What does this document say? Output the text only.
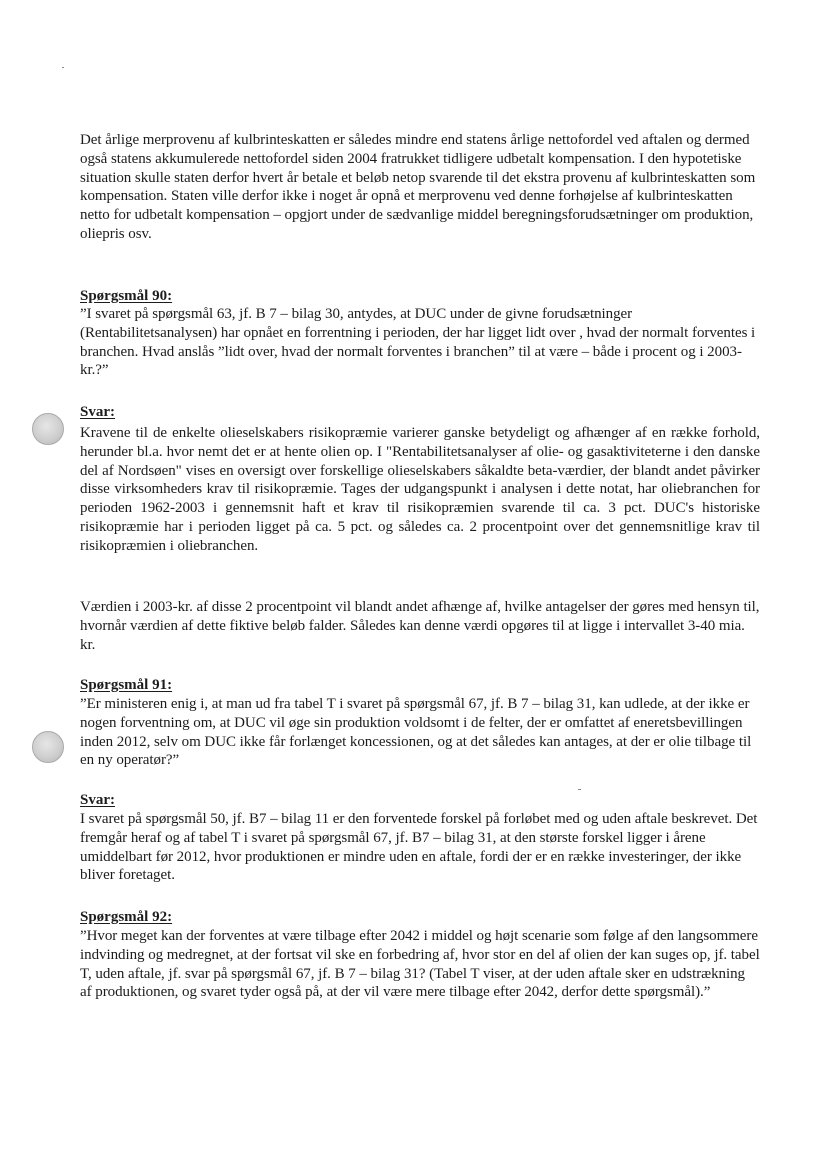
Det årlige merprovenu af kulbrinteskatten er således mindre end statens årlige nettofordel ved aftalen og dermed også statens akkumulerede nettofordel siden 2004 fratrukket tidligere udbetalt kompensation. I den hypotetiske situation skulle staten derfor hvert år betale et beløb netop svarende til det ekstra provenu af kulbrinteskatten som kompensation. Staten ville derfor ikke i noget år opnå et merprovenu ved denne forhøjelse af kulbrinteskatten netto for udbetalt kompensation – opgjort under de sædvanlige middel beregningsforudsætninger om produktion, oliepris osv.

Spørgsmål 90:

”I svaret på spørgsmål 63, jf. B 7 – bilag 30, antydes, at DUC under de givne forudsætninger (Rentabilitetsanalysen) har opnået en forrentning i perioden, der har ligget lidt over , hvad der normalt forventes i branchen. Hvad anslås ”lidt over, hvad der normalt forventes i branchen” til at være – både i procent og i 2003-kr.?”

Svar:

Kravene til de enkelte olieselskabers risikopræmie varierer ganske betydeligt og afhænger af en række forhold, herunder bl.a. hvor nemt det er at hente olien op. I "Rentabilitetsanalyser af olie- og gasaktiviteterne i den danske del af Nordsøen" vises en oversigt over forskellige olieselskabers såkaldte beta-værdier, der blandt andet påvirker disse virksomheders krav til risikopræmie. Tages der udgangspunkt i analysen i dette notat, har oliebranchen for perioden 1962-2003 i gennemsnit haft et krav til risikopræmien svarende til ca. 3 pct. DUC's historiske risikopræmie har i perioden ligget på ca. 5 pct. og således ca. 2 procentpoint over det gennemsnitlige krav til risikopræmien i oliebranchen.

Værdien i 2003-kr. af disse 2 procentpoint vil blandt andet afhænge af, hvilke antagelser der gøres med hensyn til, hvornår værdien af dette fiktive beløb falder. Således kan denne værdi opgøres til at ligge i intervallet 3-40 mia. kr.

Spørgsmål 91:

”Er ministeren enig i, at man ud fra tabel T i svaret på spørgsmål 67, jf. B 7 – bilag 31, kan udlede, at der ikke er nogen forventning om, at DUC vil øge sin produktion voldsomt i de felter, der er omfattet af eneretsbevillingen inden 2012, selv om DUC ikke får forlænget koncessionen, og at det således kan antages, at der er olie tilbage til en ny operatør?”

Svar:

I svaret på spørgsmål 50, jf. B7 – bilag 11 er den forventede forskel på forløbet med og uden aftale beskrevet. Det fremgår heraf og af tabel T i svaret på spørgsmål 67, jf. B7 – bilag 31, at den største forskel ligger i årene umiddelbart før 2012, hvor produktionen er mindre uden en aftale, fordi der er en række investeringer, der ikke bliver foretaget.

Spørgsmål 92:

”Hvor meget kan der forventes at være tilbage efter 2042 i middel og højt scenarie som følge af den langsommere indvinding og medregnet, at der fortsat vil ske en forbedring af, hvor stor en del af olien der kan suges op, jf. tabel T, uden aftale, jf. svar på spørgsmål 67, jf. B 7 – bilag 31? (Tabel T viser, at der uden aftale sker en udstrækning af produktionen, og svaret tyder også på, at der vil være mere tilbage efter 2042, derfor dette spørgsmål).”
